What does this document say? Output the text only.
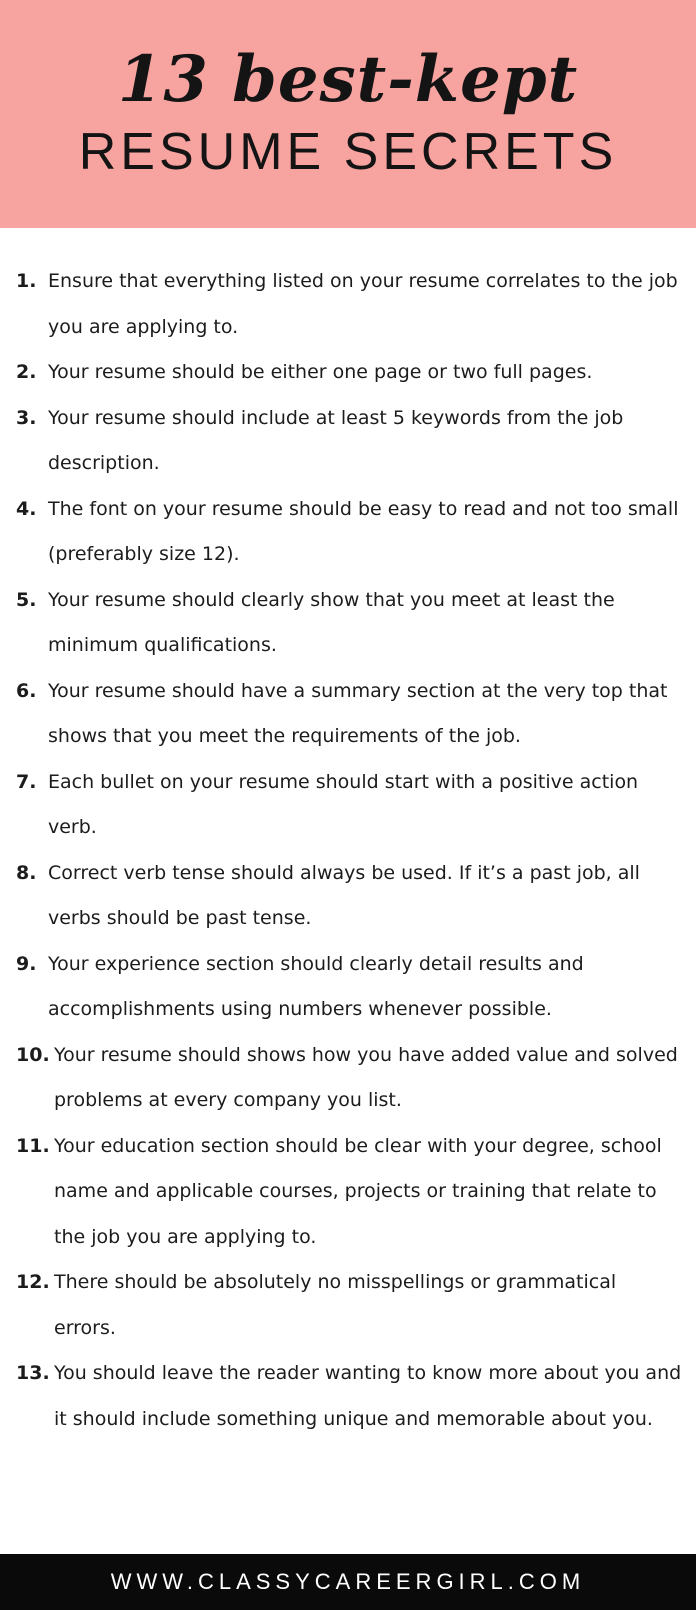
13 best-kept
RESUME SECRETS
1. Ensure that everything listed on your resume correlates to the job you are applying to.
2. Your resume should be either one page or two full pages.
3. Your resume should include at least 5 keywords from the job description.
4. The font on your resume should be easy to read and not too small (preferably size 12).
5. Your resume should clearly show that you meet at least the minimum qualifications.
6. Your resume should have a summary section at the very top that shows that you meet the requirements of the job.
7. Each bullet on your resume should start with a positive action verb.
8. Correct verb tense should always be used. If it’s a past job, all verbs should be past tense.
9. Your experience section should clearly detail results and accomplishments using numbers whenever possible.
10. Your resume should shows how you have added value and solved problems at every company you list.
11. Your education section should be clear with your degree, school name and applicable courses, projects or training that relate to the job you are applying to.
12. There should be absolutely no misspellings or grammatical errors.
13. You should leave the reader wanting to know more about you and it should include something unique and memorable about you.
WWW.CLASSYCAREERGIRL.COM
